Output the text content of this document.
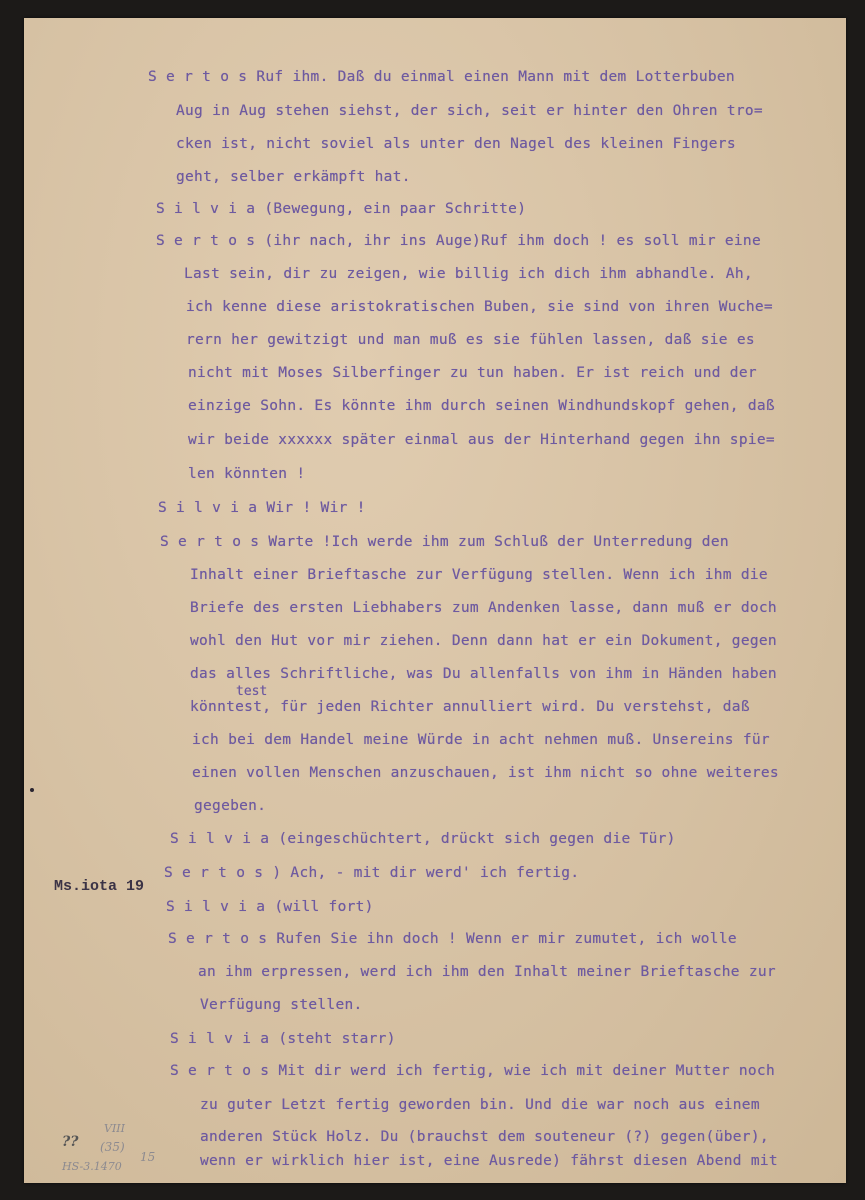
S e r t o s Ruf ihm. Daß du einmal einen Mann mit dem Lotterbuben
Aug in Aug stehen siehst, der sich, seit er hinter den Ohren tro=
cken ist, nicht soviel als unter den Nagel des kleinen Fingers
geht, selber erkämpft hat.
S i l v i a (Bewegung, ein paar Schritte)
S e r t o s (ihr nach, ihr ins Auge)Ruf ihm doch ! es soll mir eine
Last sein, dir zu zeigen, wie billig ich dich ihm abhandle. Ah,
ich kenne diese aristokratischen Buben, sie sind von ihren Wuche=
rern her gewitzigt und man muß es sie fühlen lassen, daß sie es
nicht mit Moses Silberfinger zu tun haben. Er ist reich und der
einzige Sohn. Es könnte ihm durch seinen Windhundskopf gehen, daß
wir beide xxxxxx später einmal aus der Hinterhand gegen ihn spie=
len könnten !
S i l v i a Wir ! Wir !
S e r t o s Warte !Ich werde ihm zum Schluß der Unterredung den
Inhalt einer Brieftasche zur Verfügung stellen. Wenn ich ihm die
Briefe des ersten Liebhabers zum Andenken lasse, dann muß er doch
wohl den Hut vor mir ziehen. Denn dann hat er ein Dokument, gegen
das alles Schriftliche, was Du allenfalls von ihm in Händen haben
könntest, für jeden Richter annulliert wird. Du verstehst, daß
ich bei dem Handel meine Würde in acht nehmen muß. Unsereins für
einen vollen Menschen anzuschauen, ist ihm nicht so ohne weiteres
gegeben.
S i l v i a (eingeschüchtert, drückt sich gegen die Tür)
S e r t o s ) Ach, - mit dir werd' ich fertig.
S i l v i a (will fort)
S e r t o s Rufen Sie ihn doch ! Wenn er mir zumutet, ich wolle
an ihm erpressen, werd ich ihm den Inhalt meiner Brieftasche zur
Verfügung stellen.
S i l v i a (steht starr)
S e r t o s Mit dir werd ich fertig, wie ich mit deiner Mutter noch
zu guter Letzt fertig geworden bin. Und die war noch aus einem
anderen Stück Holz. Du (brauchst dem souteneur (?) gegen(über),
wenn er wirklich hier ist, eine Ausrede) fährst diesen Abend mit
test
Ms.iota 19
??
VIII
(35)
15
HS-3.1470
